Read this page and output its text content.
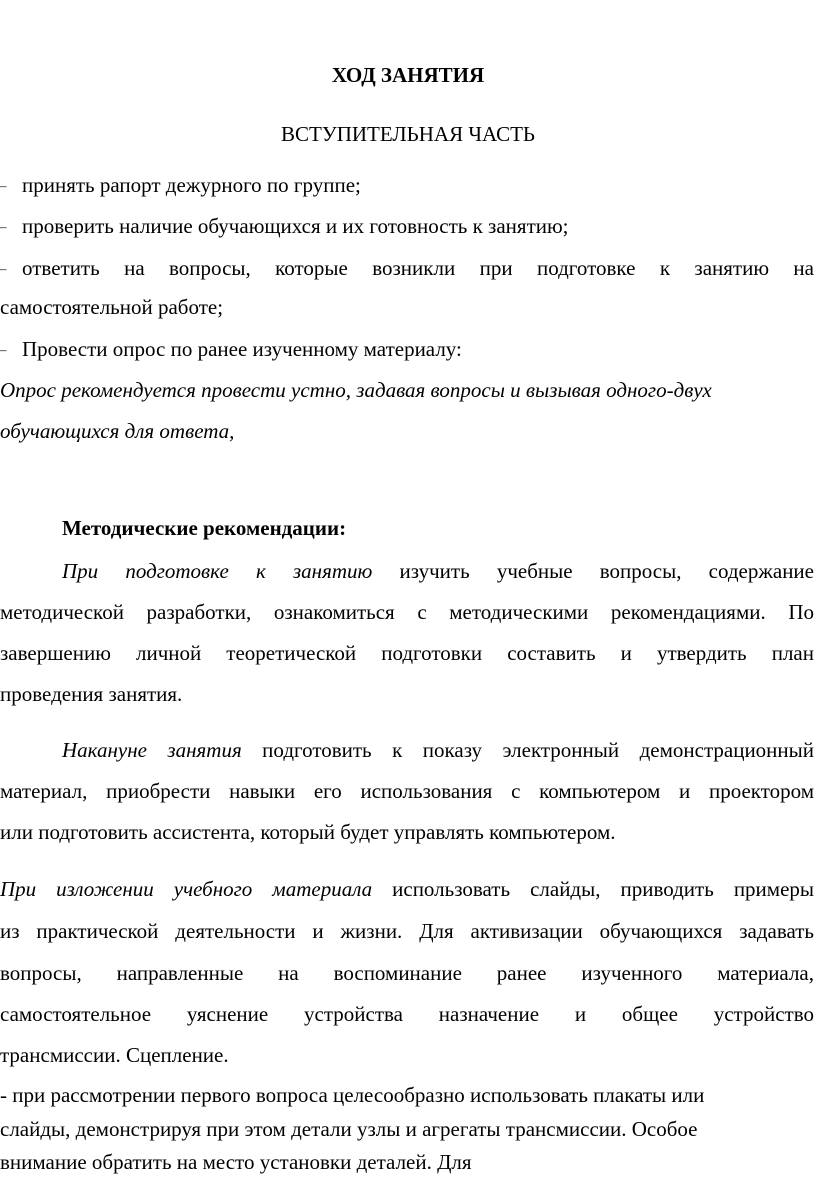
ХОД ЗАНЯТИЯ
ВСТУПИТЕЛЬНАЯ ЧАСТЬ
– принять рапорт дежурного по группе;
– проверить наличие обучающихся и их готовность к занятию;
– ответить на вопросы, которые возникли при подготовке к занятию на
самостоятельной работе;
– Провести опрос по ранее изученному материалу:
Опрос рекомендуется провести устно, задавая вопросы и вызывая одного-двух
обучающихся для ответа,
Методические рекомендации:
При подготовке к занятию изучить учебные вопросы, содержание
методической разработки, ознакомиться с методическими рекомендациями. По
завершению личной теоретической подготовки составить и утвердить план
проведения занятия.
Накануне занятия подготовить к показу электронный демонстрационный
материал, приобрести навыки его использования с компьютером и проектором
или подготовить ассистента, который будет управлять компьютером.
При изложении учебного материала использовать слайды, приводить примеры
из практической деятельности и жизни. Для активизации обучающихся задавать
вопросы, направленные на воспоминание ранее изученного материала,
самостоятельное уяснение устройства назначение и общее устройство
трансмиссии. Сцепление.
- при рассмотрении первого вопроса целесообразно использовать плакаты или
слайды, демонстрируя при этом детали узлы и агрегаты трансмиссии. Особое
внимание обратить на место установки деталей. Для
